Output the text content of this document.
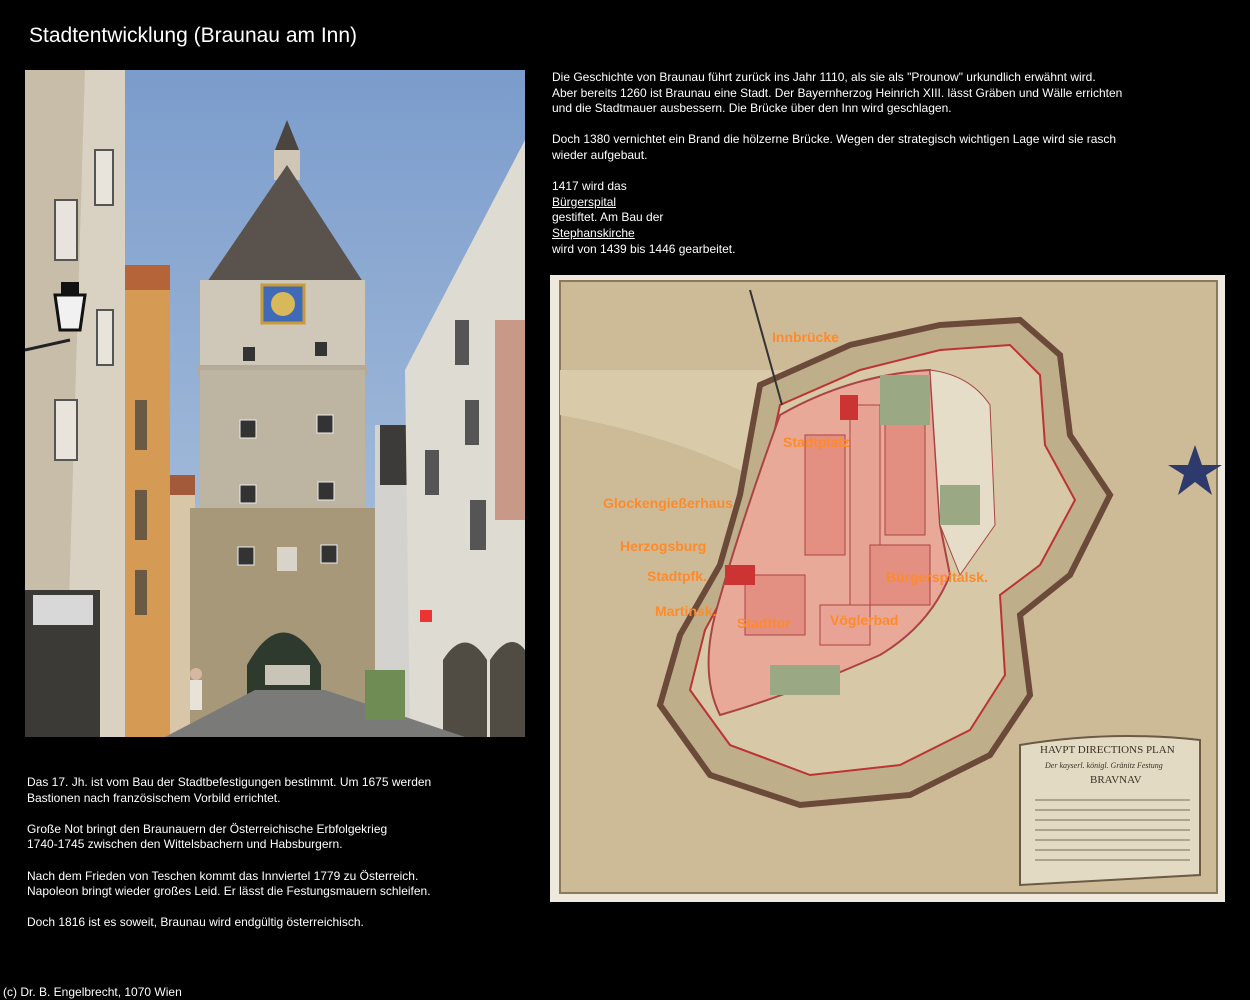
Stadtentwicklung (Braunau am Inn)

Die Geschichte von Braunau führt zurück ins Jahr 1110, als sie als "Prounow" urkundlich erwähnt wird.
Aber bereits 1260 ist Braunau eine Stadt. Der Bayernherzog Heinrich XIII. lässt Gräben und Wälle errichten
und die Stadtmauer ausbessern. Die Brücke über den Inn wird geschlagen.

Doch 1380 vernichtet ein Brand die hölzerne Brücke. Wegen der strategisch wichtigen Lage wird sie rasch
wieder aufgebaut.

1417 wird das
Bürgerspital
gestiftet. Am Bau der
Stephanskirche
wird von 1439 bis 1446 gearbeitet.

HAVPT DIRECTIONS PLAN
Der kayserl. königl. Gränitz Festung
BRAVNAV
Innbrücke
Stadtplatz
Glockengießerhaus
Herzogsburg
Stadtpfk.	Bürgerspitalsk.
Martinsk.
Vöglerbad
Stadttor

Das 17. Jh. ist vom Bau der Stadtbefestigungen bestimmt. Um 1675 werden
Bastionen nach französischem Vorbild errichtet.

Große Not bringt den Braunauern der Österreichische Erbfolgekrieg
1740-1745 zwischen den Wittelsbachern und Habsburgern.

Nach dem Frieden von Teschen kommt das Innviertel 1779 zu Österreich.
Napoleon bringt wieder großes Leid. Er lässt die Festungsmauern schleifen.

Doch 1816 ist es soweit, Braunau wird endgültig österreichisch.

(c) Dr. B. Engelbrecht, 1070 Wien
